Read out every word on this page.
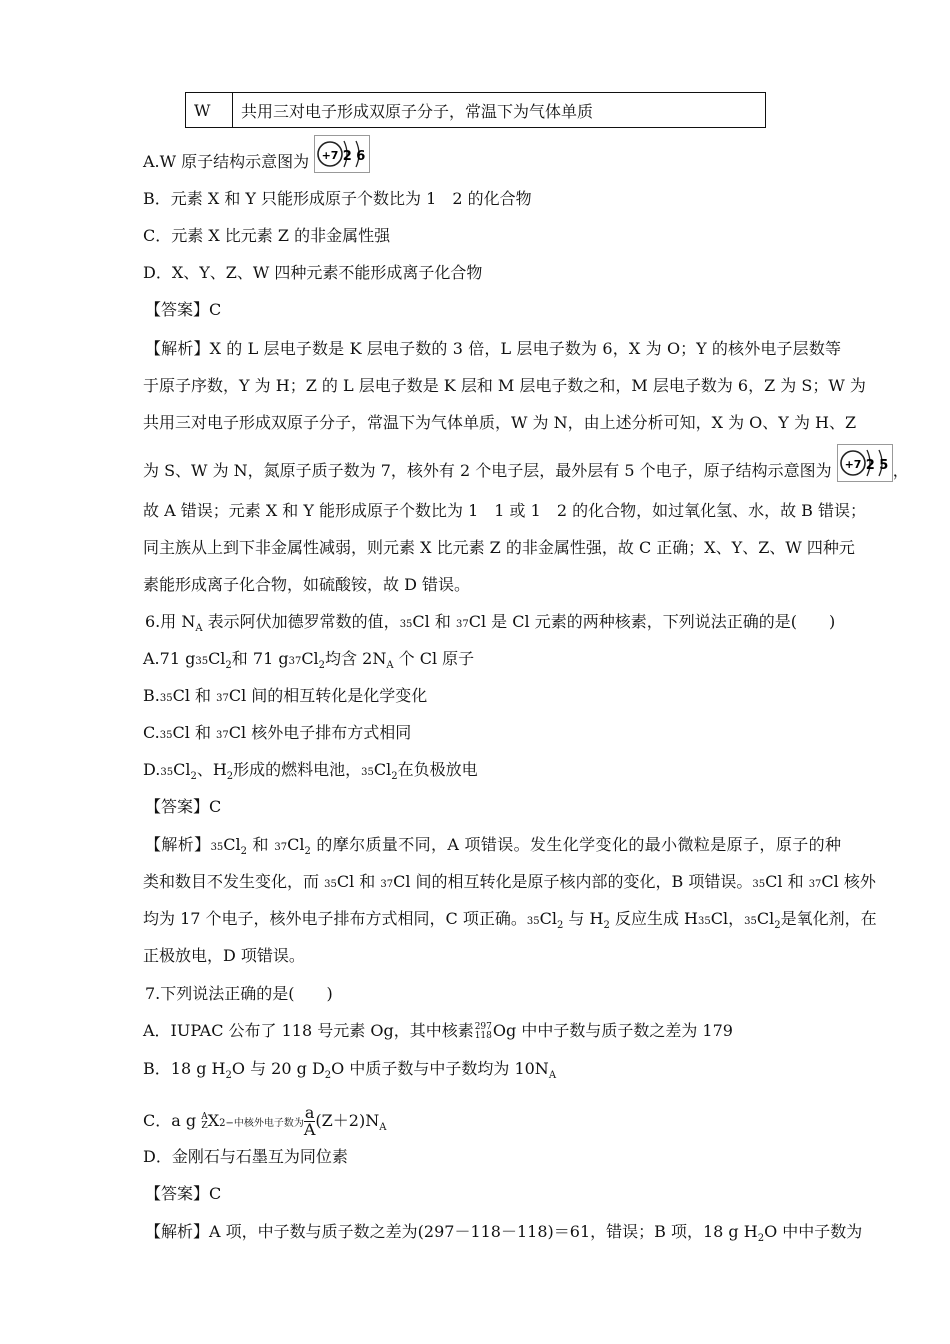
W	共用三对电子形成双原子分子，常温下为气体单质
A.W 原子结构示意图为 +7 2 6
B．元素 X 和 Y 只能形成原子个数比为 1　2 的化合物
C．元素 X 比元素 Z 的非金属性强
D．X、Y、Z、W 四种元素不能形成离子化合物
【答案】C
【解析】X 的 L 层电子数是 K 层电子数的 3 倍，L 层电子数为 6，X 为 O；Y 的核外电子层数等
于原子序数，Y 为 H；Z 的 L 层电子数是 K 层和 M 层电子数之和，M 层电子数为 6，Z 为 S；W 为
共用三对电子形成双原子分子，常温下为气体单质，W 为 N，由上述分析可知，X 为 O、Y 为 H、Z
为 S、W 为 N，氮原子质子数为 7，核外有 2 个电子层，最外层有 5 个电子，原子结构示意图为 +7 2 5 ，
故 A 错误；元素 X 和 Y 能形成原子个数比为 1　1 或 1　2 的化合物，如过氧化氢、水，故 B 错误；
同主族从上到下非金属性减弱，则元素 X 比元素 Z 的非金属性强，故 C 正确；X、Y、Z、W 四种元
素能形成离子化合物，如硫酸铵，故 D 错误。
6.用 $N_A$ 表示阿伏加德罗常数的值，35Cl 和 37Cl 是 Cl 元素的两种核素，下列说法正确的是(　　)
A.71 $g35Cl_2$和 71 $g37Cl_2$均含 $2N_A$ 个 Cl 原子
B.35Cl 和 37Cl 间的相互转化是化学变化
C.35Cl 和 37Cl 核外电子排布方式相同
$D.35Cl_2$、$H_2$形成的燃料电池，$35Cl_2$在负极放电
【答案】C
【解析】$35Cl_2$ 和 $37Cl_2$ 的摩尔质量不同，A 项错误。发生化学变化的最小微粒是原子，原子的种
类和数目不发生变化，而 35Cl 和 37Cl 间的相互转化是原子核内部的变化，B 项错误。35Cl 和 37Cl 核外
均为 17 个电子，核外电子排布方式相同，C 项正确。$35Cl_2$ 与 $H_2$ 反应生成 H35Cl，$35Cl_2$是氧化剂，在
正极放电，D 项错误。
7.下列说法正确的是(　　)
A．IUPAC 公布了 118 号元素 Og，其中核素 297
118 Og 中中子数与质子数之差为 179
B．18 g $H_2O$ 与 20 g $D_2O$ 中质子数与中子数均为 $10N_A$
C．a g A
Z X2−中核外电子数为 $\frac{a}{A} (Z+2)N_A$
D．金刚石与石墨互为同位素
【答案】C
【解析】A 项，中子数与质子数之差为(297－118－118)＝61，错误；B 项，18 g $H_2O$ 中中子数为
